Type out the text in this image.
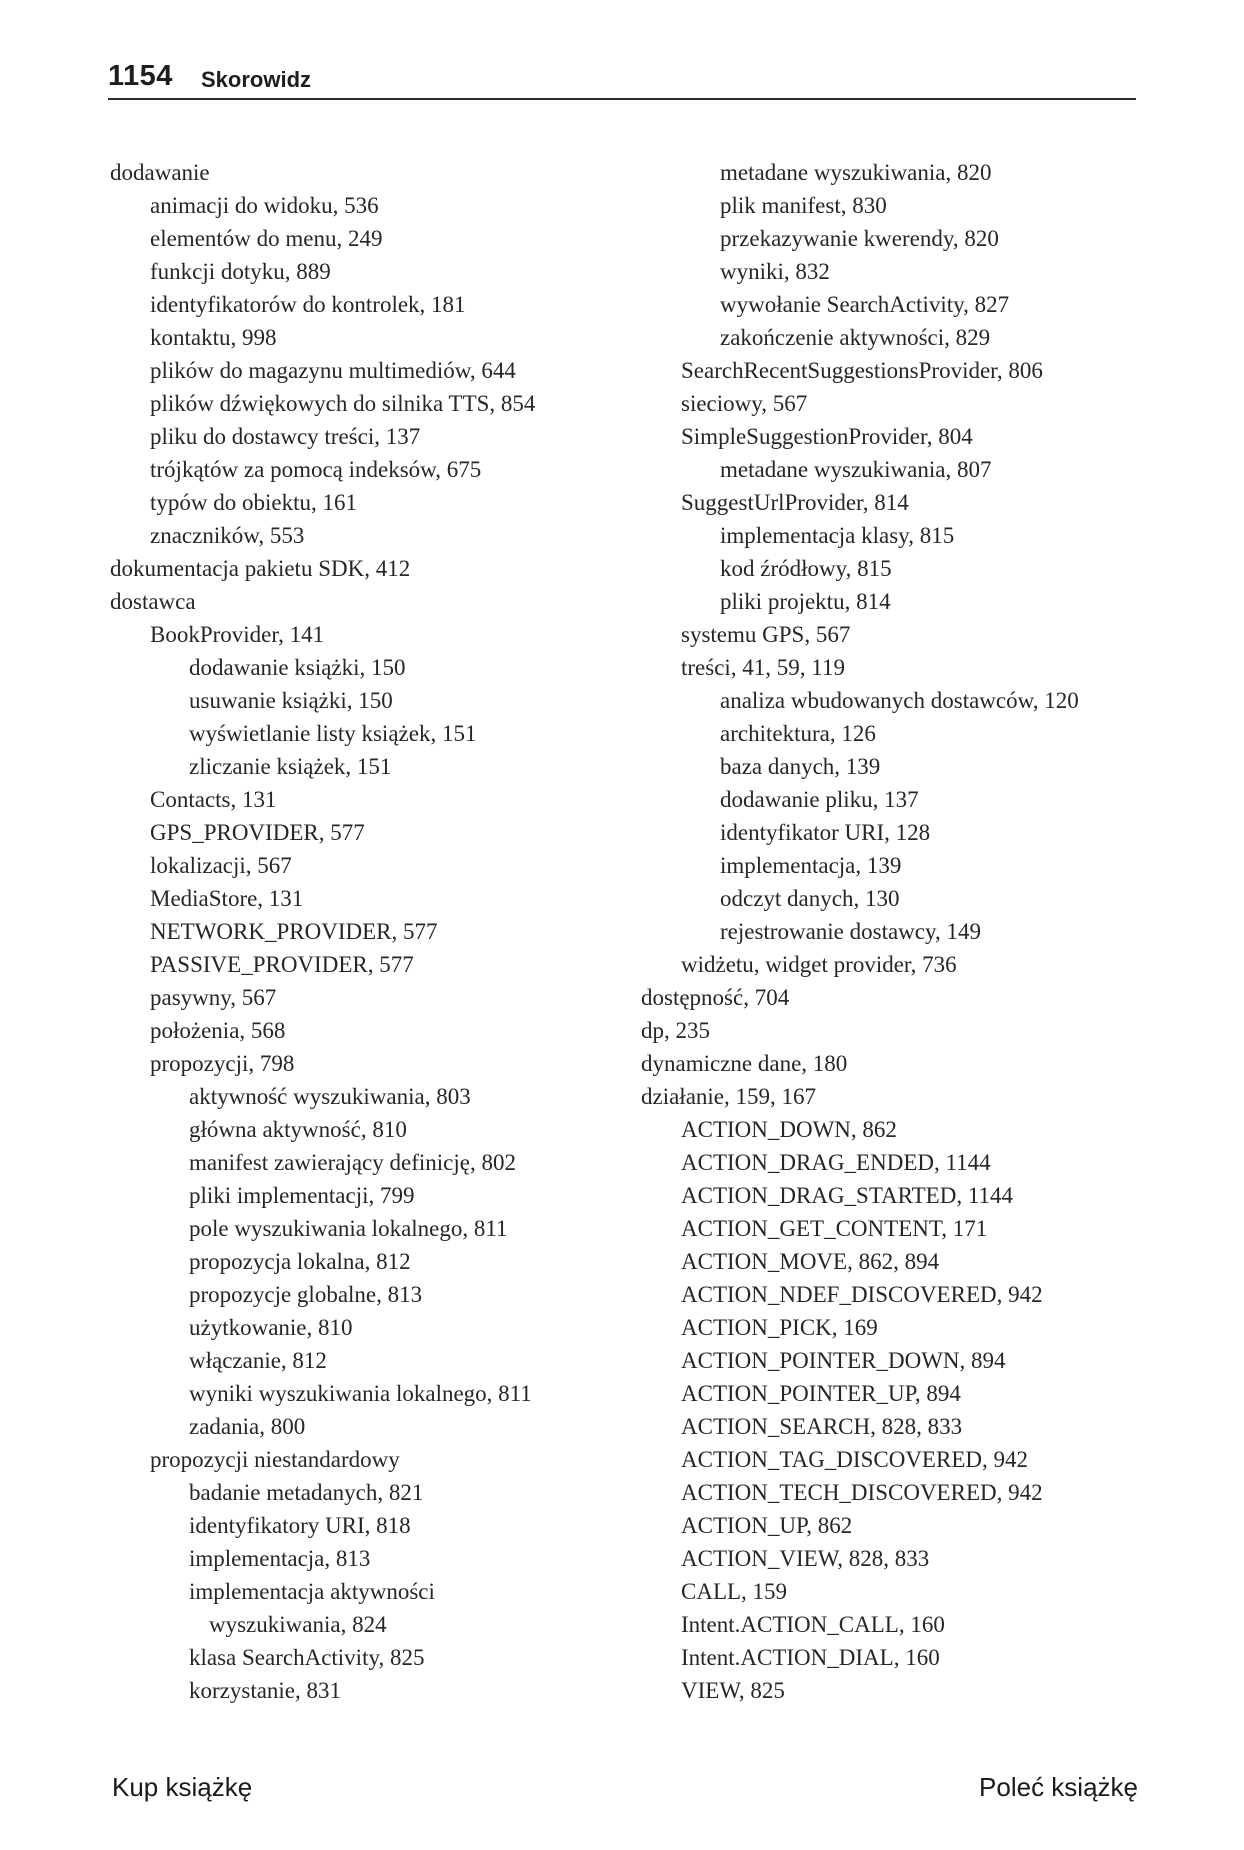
1154 Skorowidz
dodawanie
animacji do widoku, 536
elementów do menu, 249
funkcji dotyku, 889
identyfikatorów do kontrolek, 181
kontaktu, 998
plików do magazynu multimediów, 644
plików dźwiękowych do silnika TTS, 854
pliku do dostawcy treści, 137
trójkątów za pomocą indeksów, 675
typów do obiektu, 161
znaczników, 553
dokumentacja pakietu SDK, 412
dostawca
BookProvider, 141
dodawanie książki, 150
usuwanie książki, 150
wyświetlanie listy książek, 151
zliczanie książek, 151
Contacts, 131
GPS_PROVIDER, 577
lokalizacji, 567
MediaStore, 131
NETWORK_PROVIDER, 577
PASSIVE_PROVIDER, 577
pasywny, 567
położenia, 568
propozycji, 798
aktywność wyszukiwania, 803
główna aktywność, 810
manifest zawierający definicję, 802
pliki implementacji, 799
pole wyszukiwania lokalnego, 811
propozycja lokalna, 812
propozycje globalne, 813
użytkowanie, 810
włączanie, 812
wyniki wyszukiwania lokalnego, 811
zadania, 800
propozycji niestandardowy
badanie metadanych, 821
identyfikatory URI, 818
implementacja, 813
implementacja aktywności
wyszukiwania, 824
klasa SearchActivity, 825
korzystanie, 831
metadane wyszukiwania, 820
plik manifest, 830
przekazywanie kwerendy, 820
wyniki, 832
wywołanie SearchActivity, 827
zakończenie aktywności, 829
SearchRecentSuggestionsProvider, 806
sieciowy, 567
SimpleSuggestionProvider, 804
metadane wyszukiwania, 807
SuggestUrlProvider, 814
implementacja klasy, 815
kod źródłowy, 815
pliki projektu, 814
systemu GPS, 567
treści, 41, 59, 119
analiza wbudowanych dostawców, 120
architektura, 126
baza danych, 139
dodawanie pliku, 137
identyfikator URI, 128
implementacja, 139
odczyt danych, 130
rejestrowanie dostawcy, 149
widżetu, widget provider, 736
dostępność, 704
dp, 235
dynamiczne dane, 180
działanie, 159, 167
ACTION_DOWN, 862
ACTION_DRAG_ENDED, 1144
ACTION_DRAG_STARTED, 1144
ACTION_GET_CONTENT, 171
ACTION_MOVE, 862, 894
ACTION_NDEF_DISCOVERED, 942
ACTION_PICK, 169
ACTION_POINTER_DOWN, 894
ACTION_POINTER_UP, 894
ACTION_SEARCH, 828, 833
ACTION_TAG_DISCOVERED, 942
ACTION_TECH_DISCOVERED, 942
ACTION_UP, 862
ACTION_VIEW, 828, 833
CALL, 159
Intent.ACTION_CALL, 160
Intent.ACTION_DIAL, 160
VIEW, 825
Kup książkę	Poleć książkę
